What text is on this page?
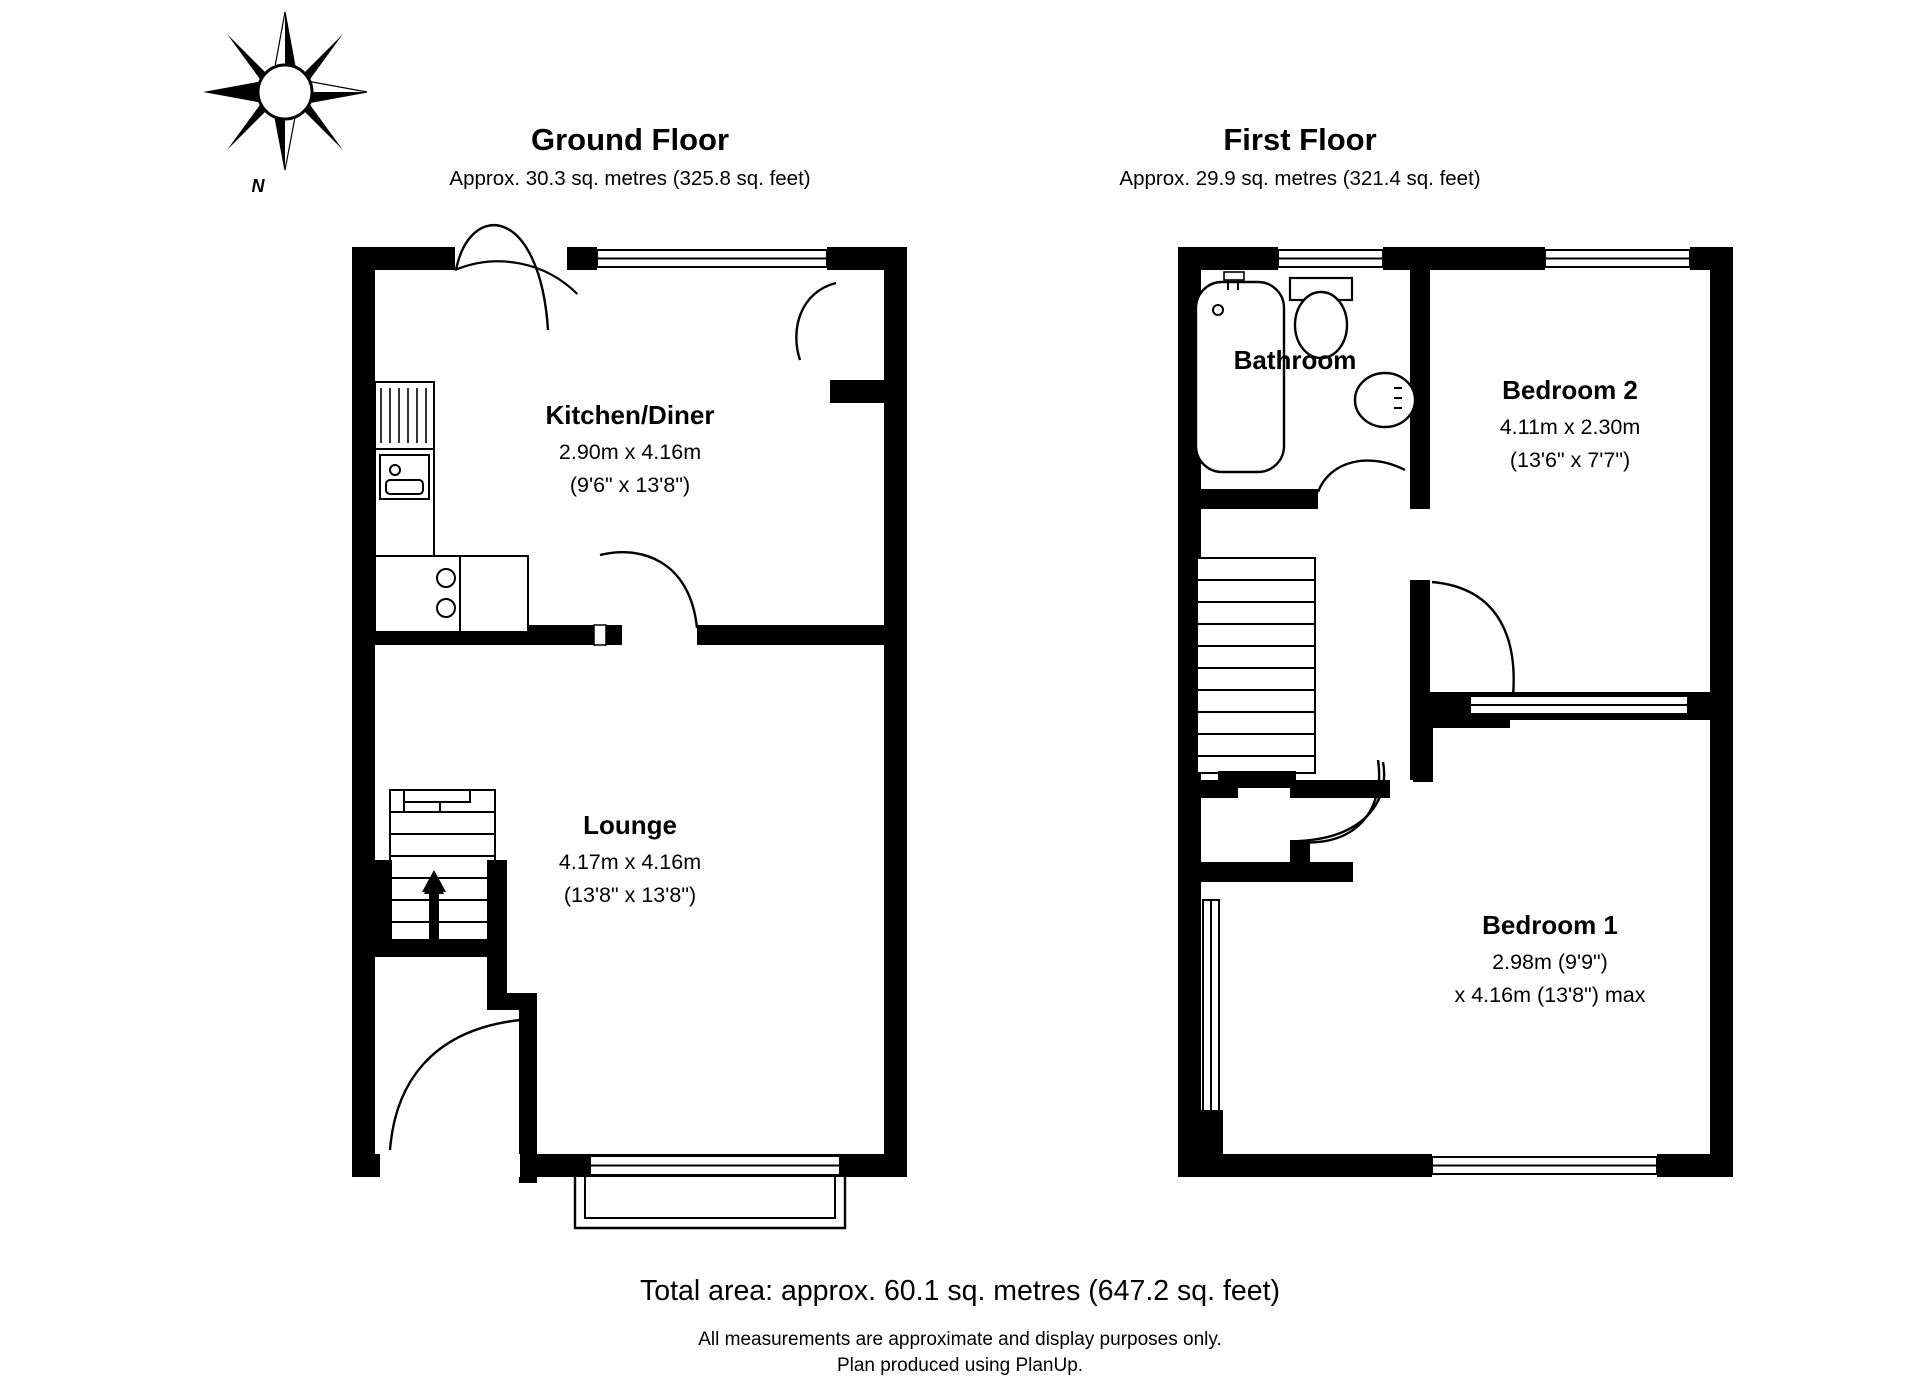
Ground Floor
Approx. 30.3 sq. metres (325.8 sq. feet)
First Floor
Approx. 29.9 sq. metres (321.4 sq. feet)
Kitchen/Diner
2.90m x 4.16m
(9'6" x 13'8")
Lounge
4.17m x 4.16m
(13'8" x 13'8")
Bathroom
Bedroom 2
4.11m x 2.30m
(13'6" x 7'7")
Bedroom 1
2.98m (9'9")
x 4.16m (13'8") max
N
Total area: approx. 60.1 sq. metres (647.2 sq. feet)
All measurements are approximate and display purposes only.
Plan produced using PlanUp.
